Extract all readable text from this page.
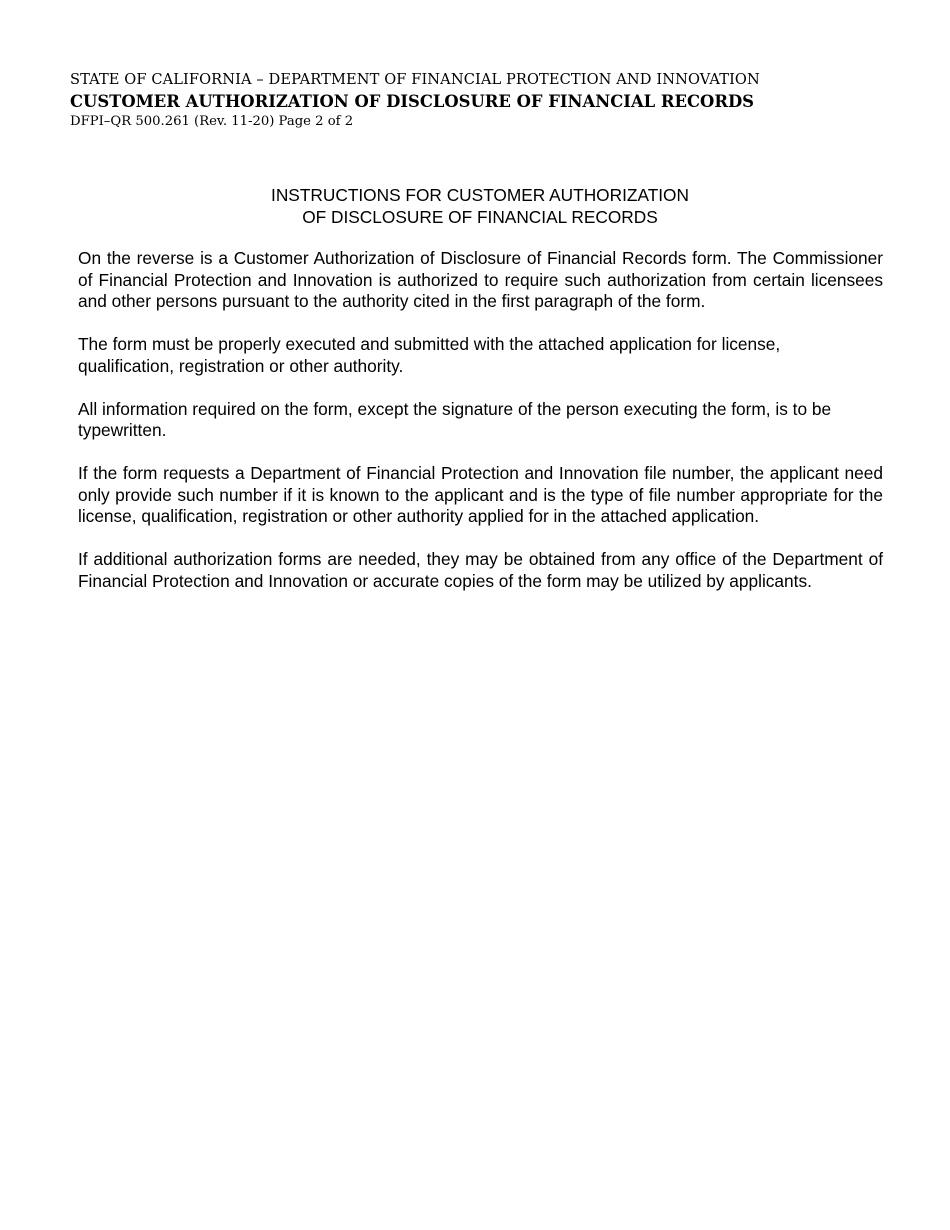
STATE OF CALIFORNIA – DEPARTMENT OF FINANCIAL PROTECTION AND INNOVATION
CUSTOMER AUTHORIZATION OF DISCLOSURE OF FINANCIAL RECORDS
DFPI–QR 500.261 (Rev. 11-20) Page 2 of 2
INSTRUCTIONS FOR CUSTOMER AUTHORIZATION
OF DISCLOSURE OF FINANCIAL RECORDS

On the reverse is a Customer Authorization of Disclosure of Financial Records form. The Commissioner of Financial Protection and Innovation is authorized to require such authorization from certain licensees and other persons pursuant to the authority cited in the first paragraph of the form.

The form must be properly executed and submitted with the attached application for license, qualification, registration or other authority.

All information required on the form, except the signature of the person executing the form, is to be typewritten.

If the form requests a Department of Financial Protection and Innovation file number, the applicant need only provide such number if it is known to the applicant and is the type of file number appropriate for the license, qualification, registration or other authority applied for in the attached application.

If additional authorization forms are needed, they may be obtained from any office of the Department of Financial Protection and Innovation or accurate copies of the form may be utilized by applicants.
